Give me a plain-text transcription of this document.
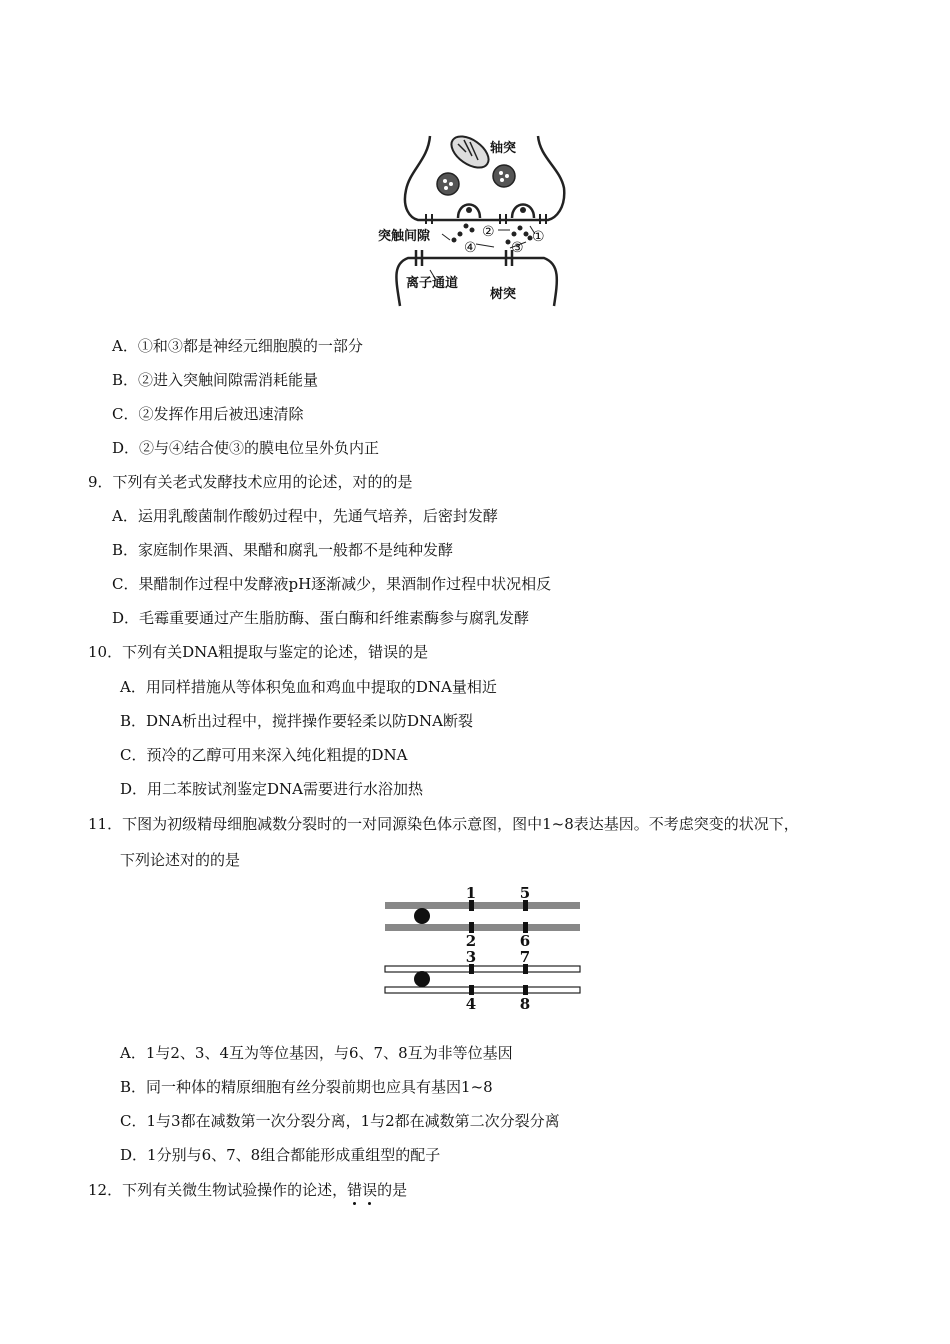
轴突
突触间隙
离子通道
树突
①
②
③
④
A．①和③都是神经元细胞膜的一部分
B．②进入突触间隙需消耗能量
C．②发挥作用后被迅速清除
D．②与④结合使③的膜电位呈外负内正
9．下列有关老式发酵技术应用的论述，对的的是
A．运用乳酸菌制作酸奶过程中，先通气培养，后密封发酵
B．家庭制作果酒、果醋和腐乳一般都不是纯种发酵
C．果醋制作过程中发酵液pH逐渐减少，果酒制作过程中状况相反
D．毛霉重要通过产生脂肪酶、蛋白酶和纤维素酶参与腐乳发酵
10．下列有关DNA粗提取与鉴定的论述，错误的是
A．用同样措施从等体积兔血和鸡血中提取的DNA量相近
B．DNA析出过程中，搅拌操作要轻柔以防DNA断裂
C．预冷的乙醇可用来深入纯化粗提的DNA
D．用二苯胺试剂鉴定DNA需要进行水浴加热
11．下图为初级精母细胞减数分裂时的一对同源染色体示意图，图中1~8表达基因。不考虑突变的状况下，
下列论述对的的是
1	5
2	6
3	7
4	8
A．1与2、3、4互为等位基因，与6、7、8互为非等位基因
B．同一种体的精原细胞有丝分裂前期也应具有基因1~8
C．1与3都在减数第一次分裂分离，1与2都在减数第二次分裂分离
D．1分别与6、7、8组合都能形成重组型的配子
12．下列有关微生物试验操作的论述，错误的是
